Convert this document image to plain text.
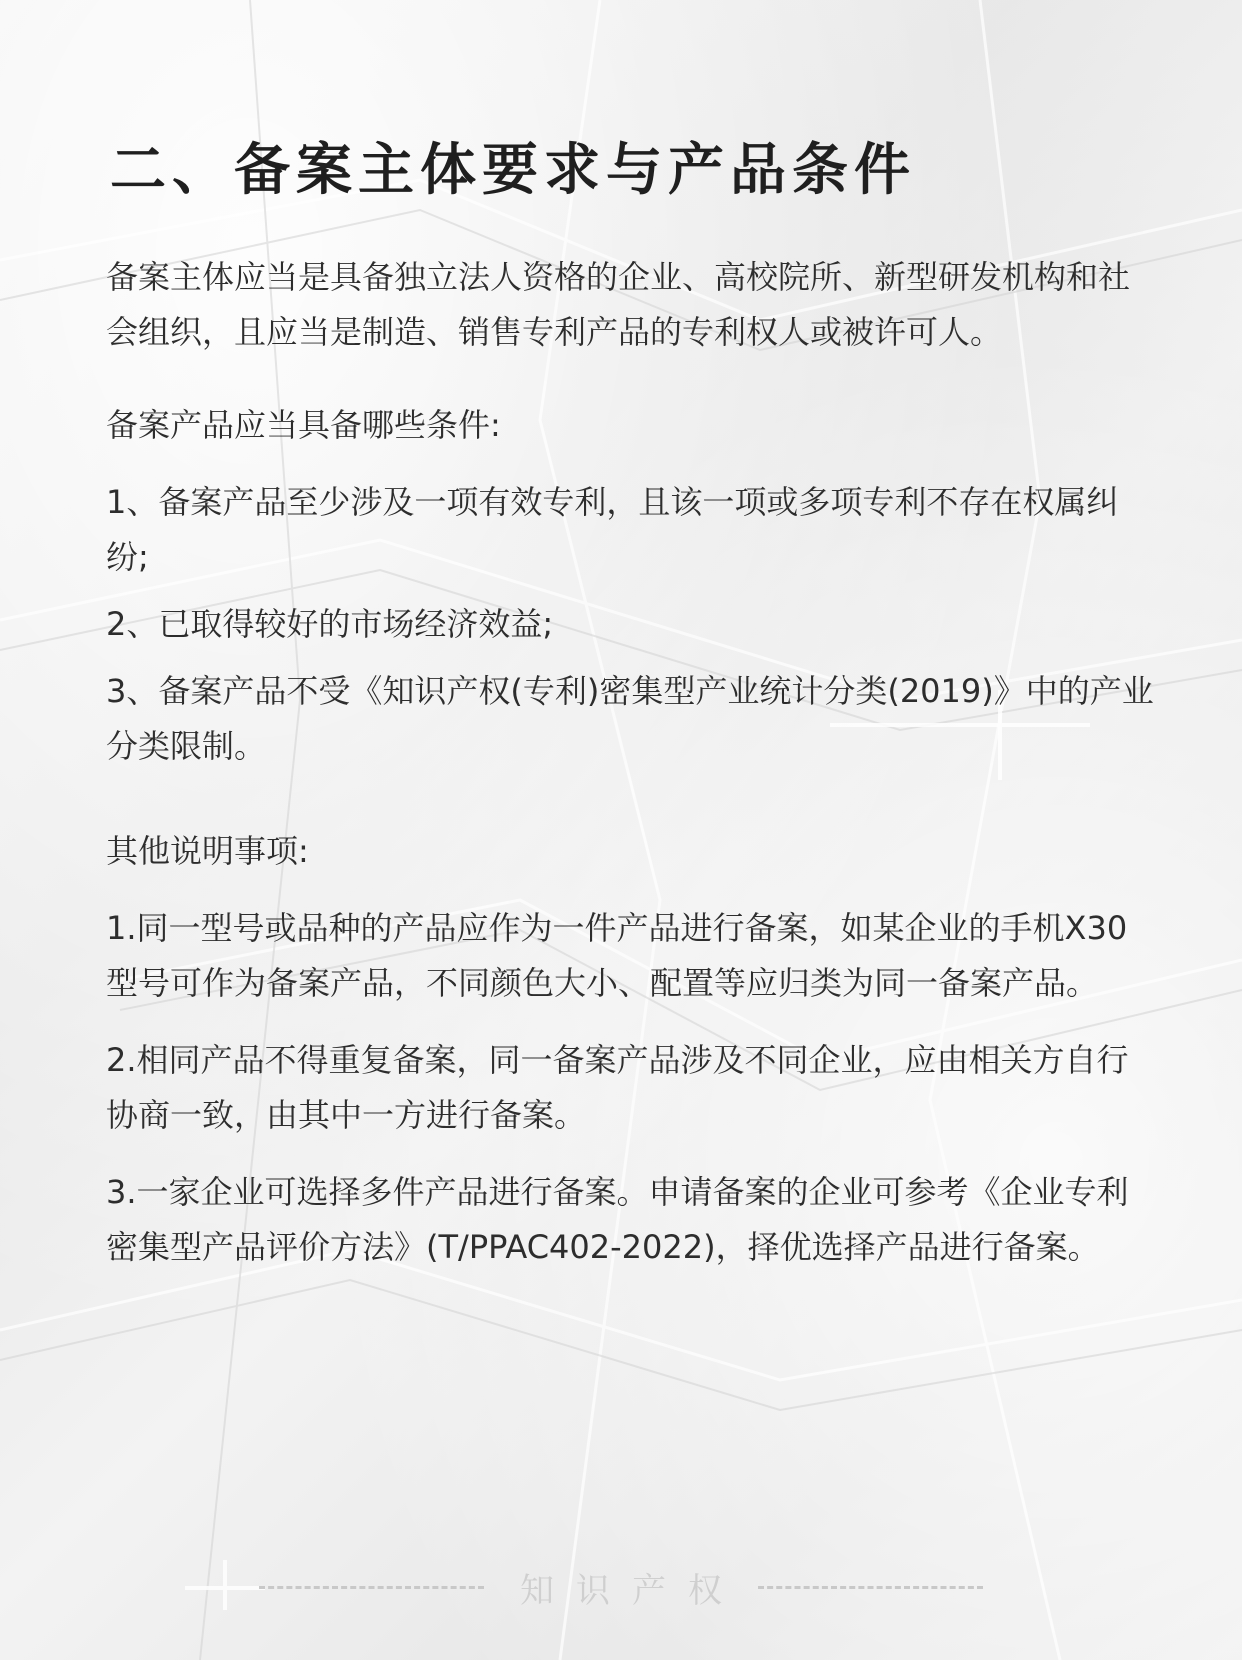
二、备案主体要求与产品条件

备案主体应当是具备独立法人资格的企业、高校院所、新型研发机构和社会组织，且应当是制造、销售专利产品的专利权人或被许可人。

备案产品应当具备哪些条件:

1、备案产品至少涉及一项有效专利，且该一项或多项专利不存在权属纠纷;

2、已取得较好的市场经济效益;

3、备案产品不受《知识产权(专利)密集型产业统计分类(2019)》中的产业分类限制。

其他说明事项:

1.同一型号或品种的产品应作为一件产品进行备案，如某企业的手机X30型号可作为备案产品，不同颜色大小、配置等应归类为同一备案产品。

2.相同产品不得重复备案，同一备案产品涉及不同企业，应由相关方自行协商一致，由其中一方进行备案。

3.一家企业可选择多件产品进行备案。申请备案的企业可参考《企业专利密集型产品评价方法》(T/PPAC402-2022)，择优选择产品进行备案。

知识产权
